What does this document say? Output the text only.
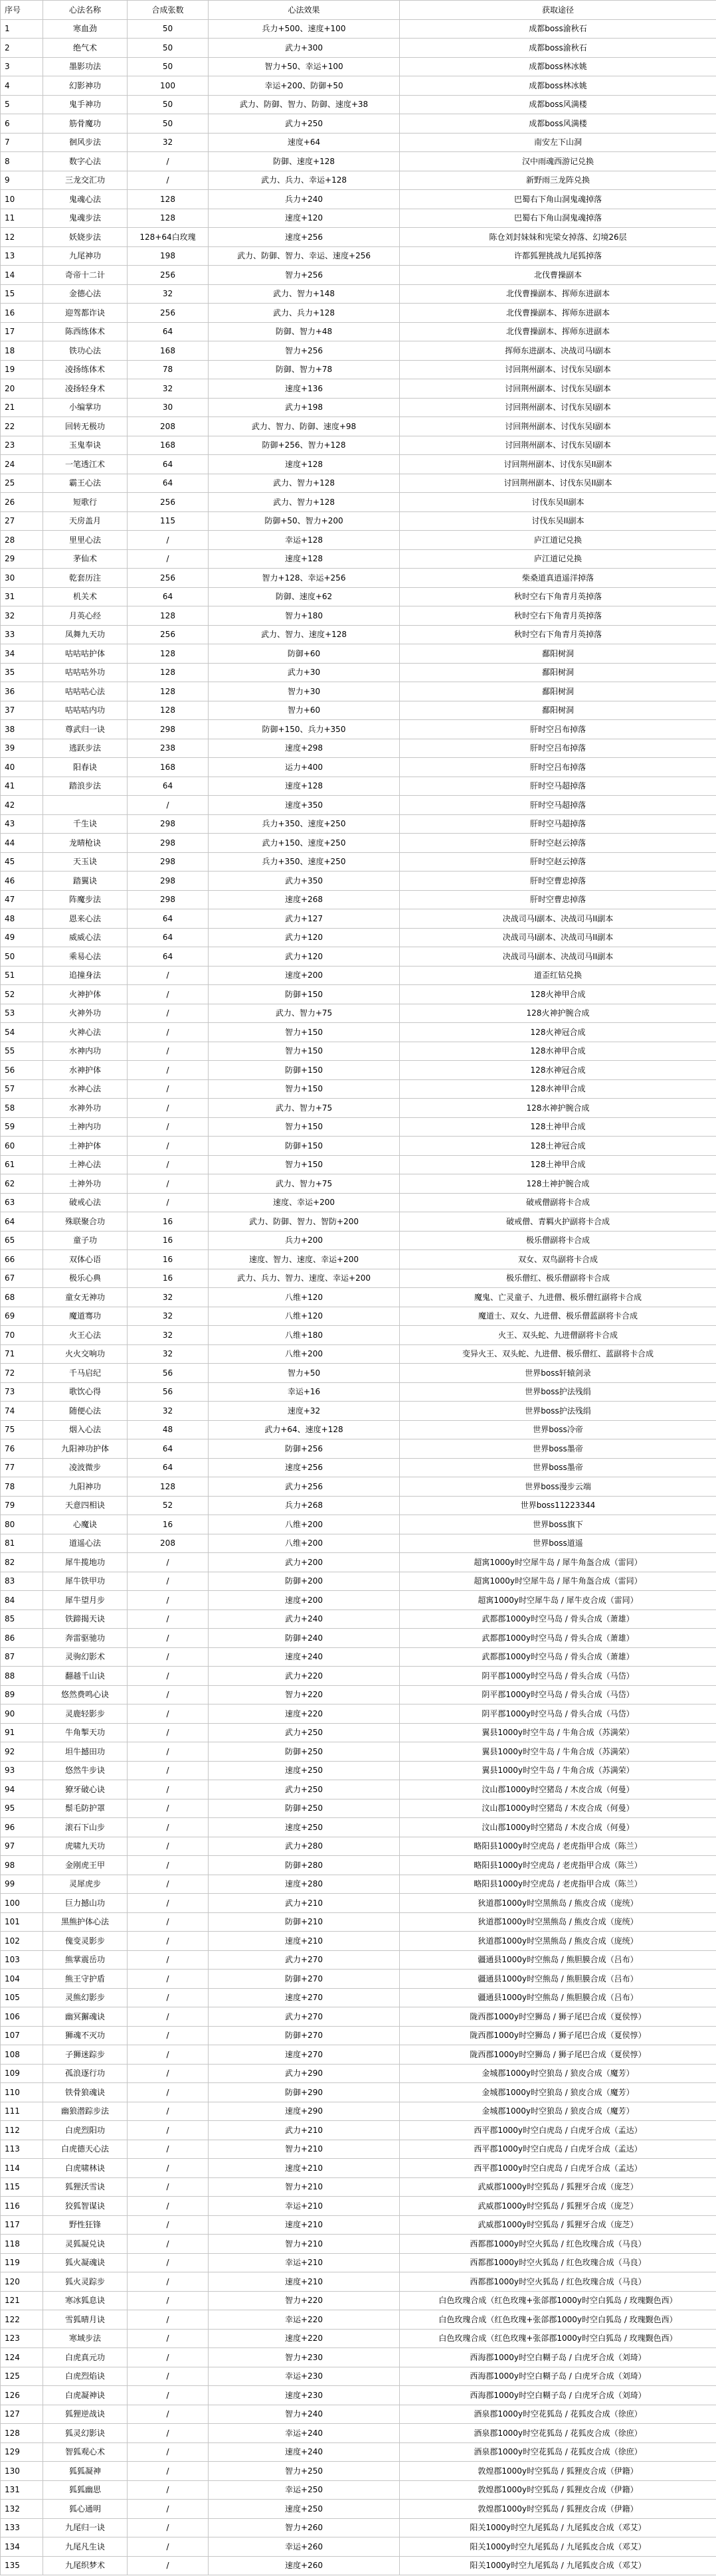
序号	心法名称	合成张数	心法效果	获取途径
1	寒血劲	50	兵力+500、速度+100	成都boss渝秋石
2	绝气术	50	武力+300	成都boss渝秋石
3	墨影功法	50	智力+50、幸运+100	成都boss林冰姚
4	幻影神功	100	幸运+200、防御+50	成都boss林冰姚
5	鬼手神功	50	武力、防御、智力、防御、速度+38	成都boss风满楼
6	筋骨魔功	50	武力+250	成都boss风满楼
7	徊风步法	32	速度+64	南安左下山洞
8	数字心法	/	防御、速度+128	汉中雨魂西游记兑换
9	三龙交汇功	/	武力、兵力、幸运+128	新野雨三龙阵兑换
10	鬼魂心法	128	兵力+240	巴蜀右下角山洞鬼魂掉落
11	鬼魂步法	128	速度+120	巴蜀右下角山洞鬼魂掉落
12	妖娆步法	128+64白玫瑰	速度+256	陈仓刘封妹妹和宪梁女掉落、幻境26层
13	九尾神功	198	武力、防御、智力、幸运、速度+256	许都狐狸挑战九尾狐掉落
14	奇帝十二计	256	智力+256	北伐曹操副本
15	金德心法	32	武力、智力+148	北伐曹操副本、挥师东进副本
16	迎驾都诈诀	256	武力、兵力+128	北伐曹操副本、挥师东进副本
17	陈西练体术	64	防御、智力+48	北伐曹操副本、挥师东进副本
18	铁功心法	168	智力+256	挥师东进副本、决战司马I副本
19	凌扬练体术	78	防御、智力+78	讨回荆州副本、讨伐东吴I副本
20	凌扬轻身术	32	速度+136	讨回荆州副本、讨伐东吴I副本
21	小编掌功	30	武力+198	讨回荆州副本、讨伐东吴I副本
22	回转无极功	208	武力、智力、防御、速度+98	讨回荆州副本、讨伐东吴I副本
23	玉鬼奉诀	168	防御+256、智力+128	讨回荆州副本、讨伐东吴I副本
24	一笔透江术	64	速度+128	讨回荆州副本、讨伐东吴II副本
25	霸王心法	64	武力、智力+128	讨回荆州副本、讨伐东吴II副本
26	短歌行	256	武力、智力+128	讨伐东吴II副本
27	天房盖月	115	防御+50、智力+200	讨伐东吴II副本
28	里里心法	/	幸运+128	庐江道记兑换
29	茅仙术	/	速度+128	庐江道记兑换
30	乾套历注	256	智力+128、幸运+256	柴桑道真逍遥洋掉落
31	机关术	64	防御、速度+62	秋时空右下角青月英掉落
32	月英心经	128	智力+180	秋时空右下角青月英掉落
33	凤舞九天功	256	武力、智力、速度+128	秋时空右下角青月英掉落
34	咕咕咕护体	128	防御+60	鄱阳树洞
35	咕咕咕外功	128	武力+30	鄱阳树洞
36	咕咕咕心法	128	智力+30	鄱阳树洞
37	咕咕咕内功	128	智力+60	鄱阳树洞
38	尊武归一诀	298	防御+150、兵力+350	肝时空吕布掉落
39	逃跃步法	238	速度+298	肝时空吕布掉落
40	阳春诀	168	运力+400	肝时空吕布掉落
41	踏浪步法	64	速度+128	肝时空马超掉落
42		/	速度+350	肝时空马超掉落
43	千生诀	298	兵力+350、速度+250	肝时空马超掉落
44	龙晴枪诀	298	武力+150、速度+250	肝时空赵云掉落
45	天玉诀	298	兵力+350、速度+250	肝时空赵云掉落
46	踏翼诀	298	武力+350	肝时空曹忠掉落
47	阵魔步法	298	速度+268	肝时空曹忠掉落
48	恩来心法	64	武力+127	决战司马I副本、决战司马II副本
49	威威心法	64	武力+120	决战司马I副本、决战司马II副本
50	乘易心法	64	武力+120	决战司马I副本、决战司马II副本
51	追撞身法	/	速度+200	道歪红钻兑换
52	火神护体	/	防御+150	128火神甲合成
53	火神外功	/	武力、智力+75	128火神护腕合成
54	火神心法	/	智力+150	128火神冠合成
55	水神内功	/	智力+150	128水神甲合成
56	水神护体	/	防御+150	128水神冠合成
57	水神心法	/	智力+150	128水神甲合成
58	水神外功	/	武力、智力+75	128水神护腕合成
59	土神内功	/	智力+150	128土神甲合成
60	土神护体	/	防御+150	128土神冠合成
61	土神心法	/	智力+150	128土神甲合成
62	土神外功	/	武力、智力+75	128土神护腕合成
63	破戒心法	/	速度、幸运+200	破戒僧副将卡合成
64	殊联聚合功	16	武力、防御、智力、智防+200	破戒僧、青羁火护副将卡合成
65	童子功	16	兵力+200	极乐僧副将卡合成
66	双体心语	16	速度、智力、速度、幸运+200	双女、双鸟副将卡合成
67	极乐心典	16	武力、兵力、智力、速度、幸运+200	极乐僧红、极乐僧副将卡合成
68	童女无神功	32	八维+120	魔鬼、亡灵童子、九进僧、极乐僧红副将卡合成
69	魔道骞功	32	八维+120	魔道士、双女、九进僧、极乐僧蓝副将卡合成
70	火王心法	32	八维+180	火王、双头蛇、九进僧副将卡合成
71	火火交响功	32	八维+200	变异火王、双头蛇、九进僧、极乐僧红、蓝副将卡合成
72	千马启纪	56	智力+50	世界boss轩辕剑录
73	歌饮心得	56	幸运+16	世界boss护法残绢
74	随便心法	32	速度+32	世界boss护法残绢
75	烟入心法	48	武力+64、速度+128	世界boss冷帝
76	九阳神功护体	64	防御+256	世界boss墨帝
77	凌波微步	64	速度+256	世界boss墨帝
78	九阳神功	128	武力+256	世界boss漫步云端
79	天意四相诀	52	兵力+268	世界boss11223344
80	心魔诀	16	八维+200	世界boss旗下
81	道遥心法	208	八维+200	世界boss道遥
82	犀牛揽地功	/	武力+200	超寓1000y时空犀牛岛 / 犀牛角盔合成（雷同）
83	犀牛铁甲功	/	防御+200	超寓1000y时空犀牛岛 / 犀牛角盔合成（雷同）
84	犀牛望月步	/	速度+200	超寓1000y时空犀牛岛 / 犀牛皮合成（雷同）
85	铁蹄揭天诀	/	武力+240	武都郡1000y时空马岛 / 骨头合成（萧雄）
86	奔雷驱驰功	/	防御+240	武都郡1000y时空马岛 / 骨头合成（萧雄）
87	灵驹幻影术	/	速度+240	武都郡1000y时空马岛 / 骨头合成（萧雄）
88	翻越千山诀	/	武力+220	阴平郡1000y时空马岛 / 骨头合成（马岱）
89	悠然费鸣心诀	/	智力+220	阴平郡1000y时空马岛 / 骨头合成（马岱）
90	灵鹿轻影步	/	速度+220	阴平郡1000y时空马岛 / 骨头合成（马岱）
91	牛角掣天功	/	武力+250	翼县1000y时空牛岛 / 牛角合成（苏满荣）
92	坦牛撼田功	/	防御+250	翼县1000y时空牛岛 / 牛角合成（苏满荣）
93	悠然牛步诀	/	速度+250	翼县1000y时空牛岛 / 牛角合成（苏满荣）
94	獠牙破心诀	/	武力+250	汶山郡1000y时空猪岛 / 木皮合成（何曼）
95	鬃毛防护罩	/	防御+250	汶山郡1000y时空猪岛 / 木皮合成（何曼）
96	滚石下山步	/	速度+250	汶山郡1000y时空猪岛 / 木皮合成（何曼）
97	虎啸九天功	/	武力+280	略阳县1000y时空虎岛 / 老虎指甲合成（陈兰）
98	金刚虎王甲	/	防御+280	略阳县1000y时空虎岛 / 老虎指甲合成（陈兰）
99	灵犀虎步	/	速度+280	略阳县1000y时空虎岛 / 老虎指甲合成（陈兰）
100	巨力撼山功	/	武力+210	狄道郡1000y时空黑熊岛 / 熊皮合成（庞统）
101	黑熊护体心法	/	防御+210	狄道郡1000y时空黑熊岛 / 熊皮合成（庞统）
102	傀变灵影步	/	速度+210	狄道郡1000y时空黑熊岛 / 熊皮合成（庞统）
103	熊掌震岳功	/	武力+270	疆通县1000y时空熊岛 / 熊胆膜合成（吕布）
104	熊王守护盾	/	防御+270	疆通县1000y时空熊岛 / 熊胆膜合成（吕布）
105	灵熊幻影步	/	速度+270	疆通县1000y时空熊岛 / 熊胆膜合成（吕布）
106	幽冥獬魂诀	/	武力+270	陇西郡1000y时空狮岛 / 狮子尾巴合成（夏侯惇）
107	狮魂不灭功	/	防御+270	陇西郡1000y时空狮岛 / 狮子尾巴合成（夏侯惇）
108	子狮迷踪步	/	速度+270	陇西郡1000y时空狮岛 / 狮子尾巴合成（夏侯惇）
109	孤浪逐行功	/	武力+290	金城郡1000y时空狼岛 / 狼皮合成（魔芳）
110	铁骨狼魂诀	/	防御+290	金城郡1000y时空狼岛 / 狼皮合成（魔芳）
111	幽狼潜踪步法	/	速度+290	金城郡1000y时空狼岛 / 狼皮合成（魔芳）
112	白虎烈阳功	/	武力+210	西平郡1000y时空白虎岛 / 白虎牙合成（孟达）
113	白虎德天心法	/	智力+210	西平郡1000y时空白虎岛 / 白虎牙合成（孟达）
114	白虎啸林诀	/	速度+210	西平郡1000y时空白虎岛 / 白虎牙合成（孟达）
115	狐狸沃雪诀	/	智力+210	武威郡1000y时空狐岛 / 狐狸牙合成（庞芝）
116	狡狐智谋诀	/	幸运+210	武威郡1000y时空狐岛 / 狐狸牙合成（庞芝）
117	野性狂锋	/	速度+210	武威郡1000y时空狐岛 / 狐狸牙合成（庞芝）
118	灵狐凝兑诀	/	智力+210	西都郡1000y时空火狐岛 / 红色玫瑰合成（马良）
119	狐火凝魂诀	/	幸运+210	西都郡1000y时空火狐岛 / 红色玫瑰合成（马良）
120	狐火灵踪步	/	速度+210	西都郡1000y时空火狐岛 / 红色玫瑰合成（马良）
121	寒冰狐息诀	/	智力+220	白色玫瑰合成（红色玫瑰+张郃郡1000y时空白狐岛 / 玫瑰觐色西）
122	雪狐晴月诀	/	幸运+220	白色玫瑰合成（红色玫瑰+张郃郡1000y时空白狐岛 / 玫瑰觐色西）
123	寒域步法	/	速度+220	白色玫瑰合成（红色玫瑰+张郃郡1000y时空白狐岛 / 玫瑰觐色西）
124	白虎真元功	/	智力+230	西海郡1000y时空白糊子岛 / 白虎牙合成（刘琦）
125	白虎烈焰诀	/	幸运+230	西海郡1000y时空白糊子岛 / 白虎牙合成（刘琦）
126	白虎凝神诀	/	速度+230	西海郡1000y时空白糊子岛 / 白虎牙合成（刘琦）
127	狐狸逆战诀	/	智力+240	酒泉郡1000y时空花狐岛 / 花狐皮合成（徐庶）
128	狐灵幻影诀	/	幸运+240	酒泉郡1000y时空花狐岛 / 花狐皮合成（徐庶）
129	智狐观心术	/	速度+240	酒泉郡1000y时空花狐岛 / 花狐皮合成（徐庶）
130	狐狐凝神	/	智力+250	敦煌郡1000y时空狐岛 / 狐狸皮合成（伊籍）
131	狐狐幽思	/	幸运+250	敦煌郡1000y时空狐岛 / 狐狸皮合成（伊籍）
132	狐心通明	/	速度+250	敦煌郡1000y时空狐岛 / 狐狸皮合成（伊籍）
133	九尾归一诀	/	智力+260	阳关1000y时空九尾狐岛 / 九尾狐皮合成（邓艾）
134	九尾凡生诀	/	幸运+260	阳关1000y时空九尾狐岛 / 九尾狐皮合成（邓艾）
135	九尾织梦术	/	速度+260	阳关1000y时空九尾狐岛 / 九尾狐皮合成（邓艾）
